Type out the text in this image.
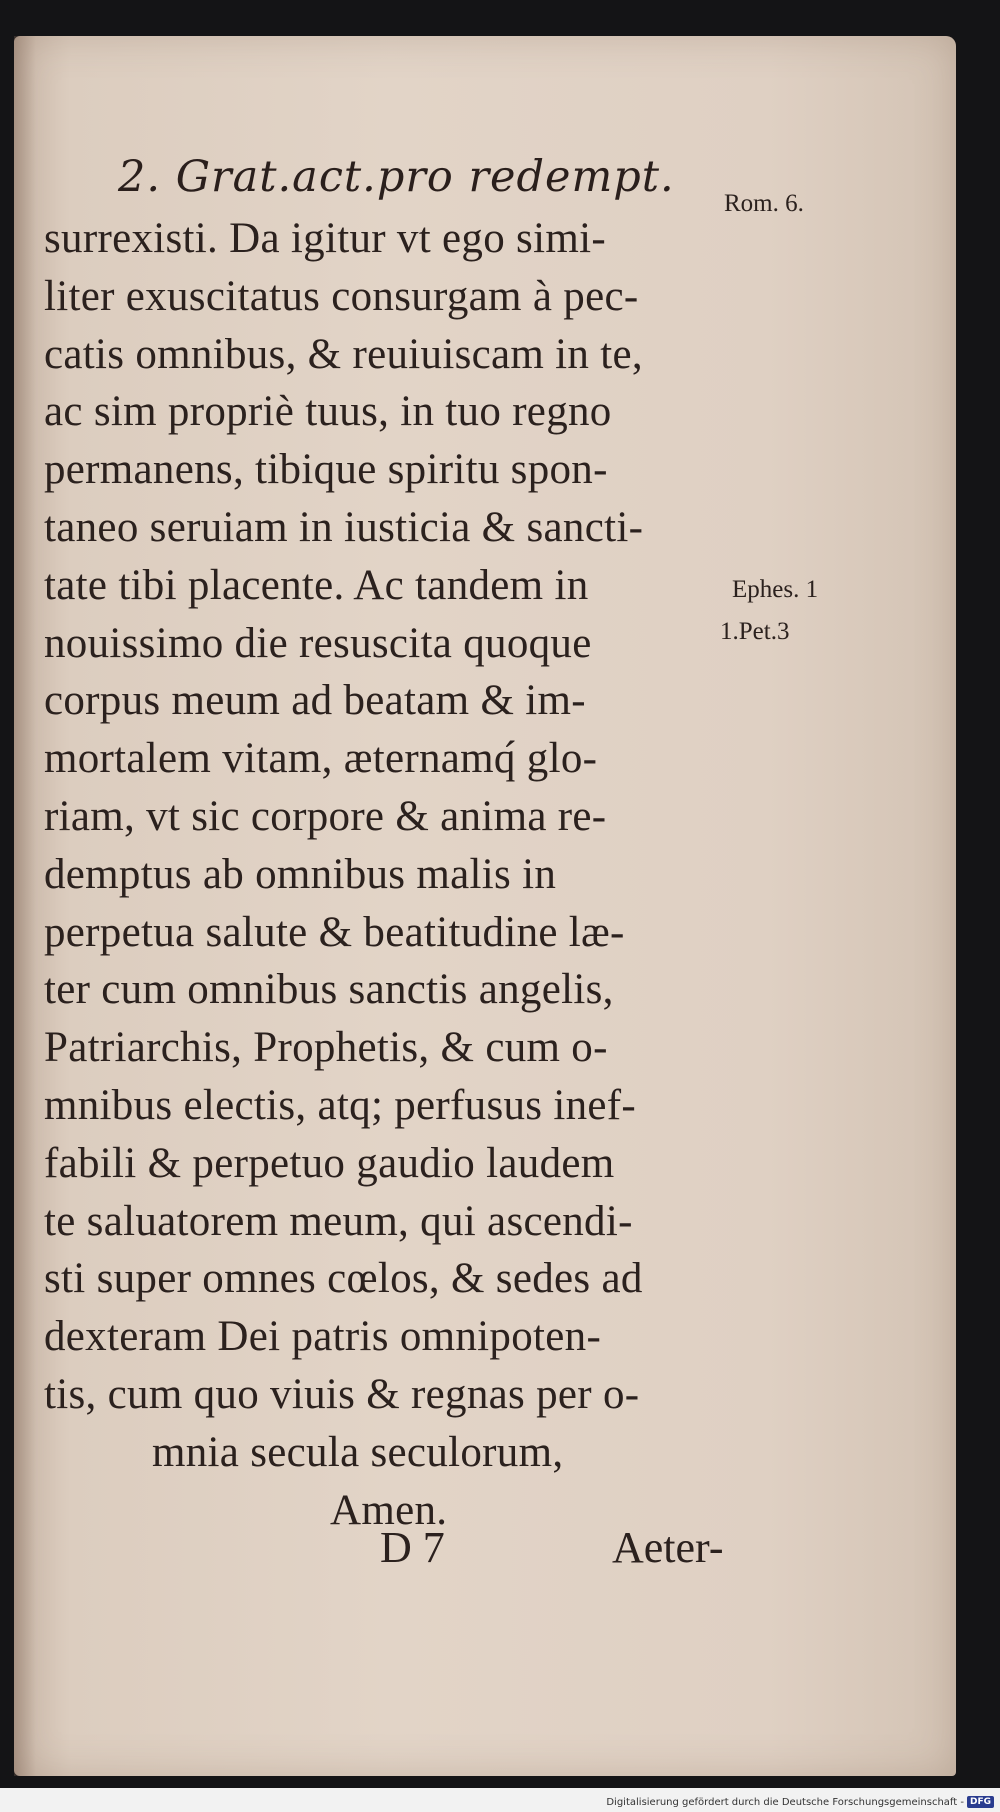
2. Grat.act.pro redempt.
surrexisti. Da igitur vt ego simi-
liter exuscitatus consurgam à pec-
catis omnibus, & reuiuiscam in te,
ac sim propriè tuus, in tuo regno
permanens, tibique spiritu spon-
taneo seruiam in iusticia & sancti-
tate tibi placente. Ac tandem in
nouissimo die resuscita quoque
corpus meum ad beatam & im-
mortalem vitam, æternamq́ glo-
riam, vt sic corpore & anima re-
demptus ab omnibus malis in
perpetua salute & beatitudine læ-
ter cum omnibus sanctis angelis,
Patriarchis, Prophetis, & cum o-
mnibus electis, atq; perfusus inef-
fabili & perpetuo gaudio laudem
te saluatorem meum, qui ascendi-
sti super omnes cœlos, & sedes ad
dexteram Dei patris omnipoten-
tis, cum quo viuis & regnas per o-
mnia secula seculorum,
Amen.
Rom. 6.
Ephes. 1
1.Pet.3
D 7	Aeter-
Digitalisierung gefördert durch die Deutsche Forschungsgemeinschaft - DFG
